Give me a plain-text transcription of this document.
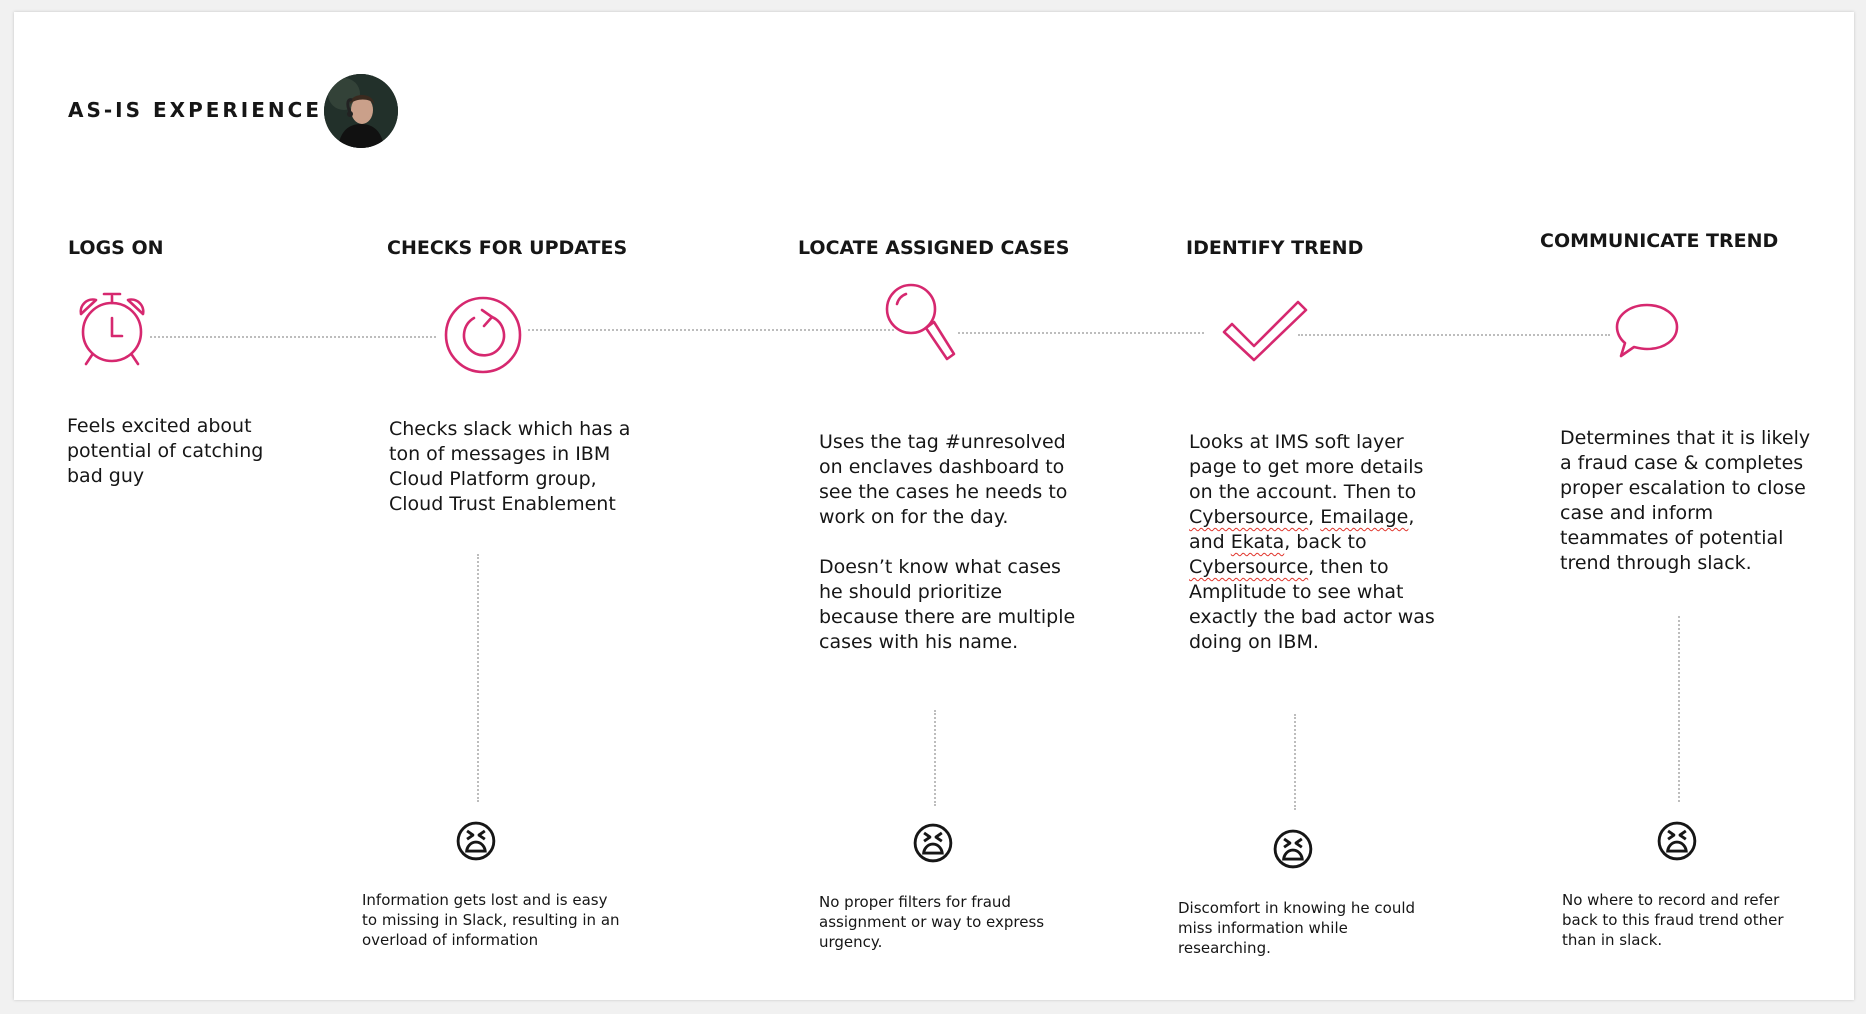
AS-IS EXPERIENCE
LOGS ON
Feels excited about
potential of catching
bad guy
CHECKS FOR UPDATES
Checks slack which has a
ton of messages in IBM
Cloud Platform group,
Cloud Trust Enablement
😫
Information gets lost and is easy
to missing in Slack, resulting in an
overload of information
LOCATE ASSIGNED CASES
Uses the tag #unresolved
on enclaves dashboard to
see the cases he needs to
work on for the day.

Doesn’t know what cases
he should prioritize
because there are multiple
cases with his name.
😫
No proper filters for fraud
assignment or way to express
urgency.
IDENTIFY TREND
Looks at IMS soft layer
page to get more details
on the account. Then to
Cybersource, Emailage,
and Ekata, back to
Cybersource, then to
Amplitude to see what
exactly the bad actor was
doing on IBM.
😫
Discomfort in knowing he could
miss information while
researching.
COMMUNICATE TREND
Determines that it is likely
a fraud case & completes
proper escalation to close
case and inform
teammates of potential
trend through slack.
😫
No where to record and refer
back to this fraud trend other
than in slack.
